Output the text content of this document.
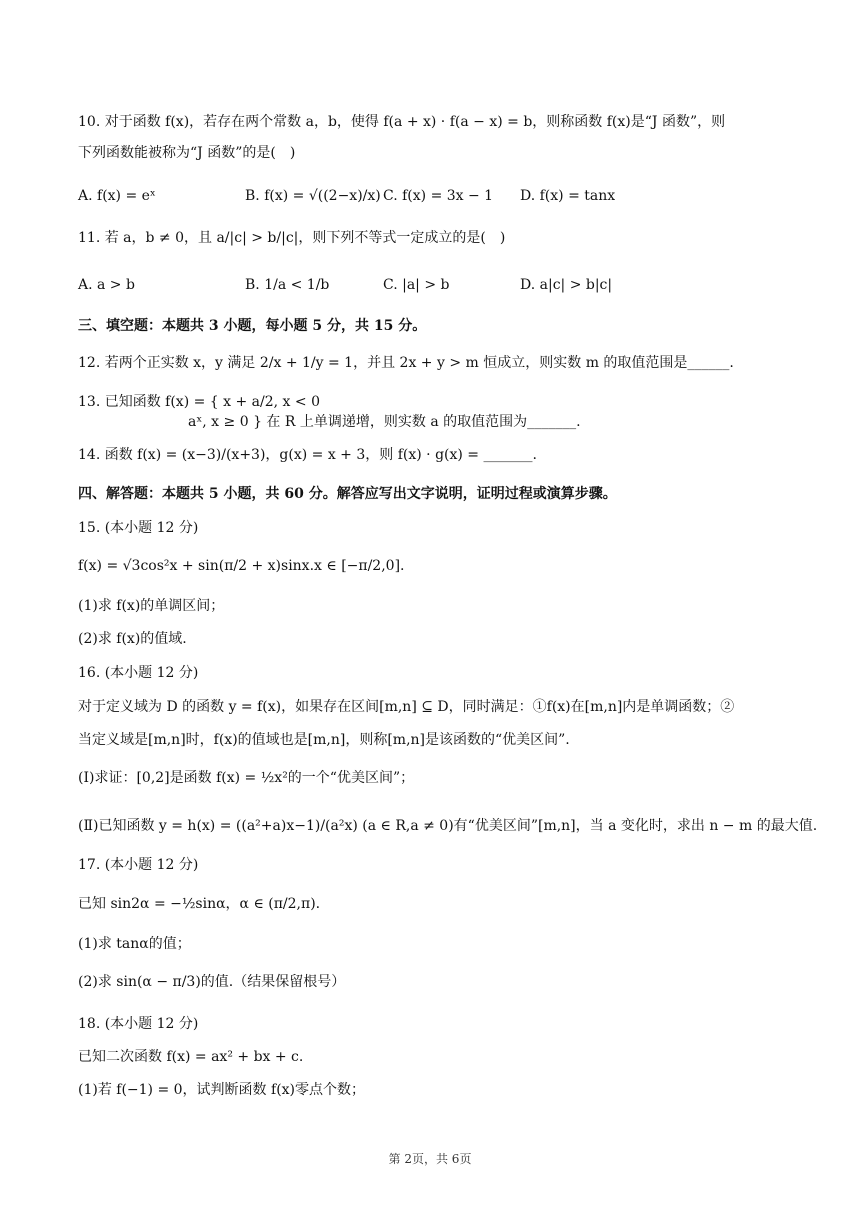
10. 对于函数 f(x)，若存在两个常数 a，b，使得 f(a + x) · f(a − x) = b，则称函数 f(x)是“J 函数”，则
下列函数能被称为“J 函数”的是(　)
A. f(x) = eˣ	B. f(x) = √((2−x)/x) C. f(x) = 3x − 1 D. f(x) = tanx
11. 若 a，b ≠ 0，且 a/|c| > b/|c|，则下列不等式一定成立的是(　)
A. a > b	B. 1/a < 1/b	C. |a| > b	D. a|c| > b|c|
三、填空题：本题共 3 小题，每小题 5 分，共 15 分。
12. 若两个正实数 x，y 满足 2/x + 1/y = 1，并且 2x + y > m 恒成立，则实数 m 的取值范围是______.
13. 已知函数 f(x) = { x + a/2, x < 0
aˣ, x ≥ 0 } 在 R 上单调递增，则实数 a 的取值范围为_______.
14. 函数 f(x) = (x−3)/(x+3)，g(x) = x + 3，则 f(x) · g(x) = _______.
四、解答题：本题共 5 小题，共 60 分。解答应写出文字说明，证明过程或演算步骤。
15. (本小题 12 分)
f(x) = √3cos²x + sin(π/2 + x)sinx.x ∈ [−π/2,0].
(1)求 f(x)的单调区间；
(2)求 f(x)的值域.
16. (本小题 12 分)
对于定义域为 D 的函数 y = f(x)，如果存在区间[m,n] ⊆ D，同时满足：①f(x)在[m,n]内是单调函数；②
当定义域是[m,n]时，f(x)的值域也是[m,n]，则称[m,n]是该函数的“优美区间”.
(Ⅰ)求证：[0,2]是函数 f(x) = ½x²的一个“优美区间”；
(Ⅱ)已知函数 y = h(x) = ((a²+a)x−1)/(a²x) (a ∈ R,a ≠ 0)有“优美区间”[m,n]，当 a 变化时，求出 n − m 的最大值.
17. (本小题 12 分)
已知 sin2α = −½sinα，α ∈ (π/2,π).
(1)求 tanα的值；
(2)求 sin(α − π/3)的值.（结果保留根号）
18. (本小题 12 分)
已知二次函数 f(x) = ax² + bx + c.
(1)若 f(−1) = 0，试判断函数 f(x)零点个数；
第 2页，共 6页
